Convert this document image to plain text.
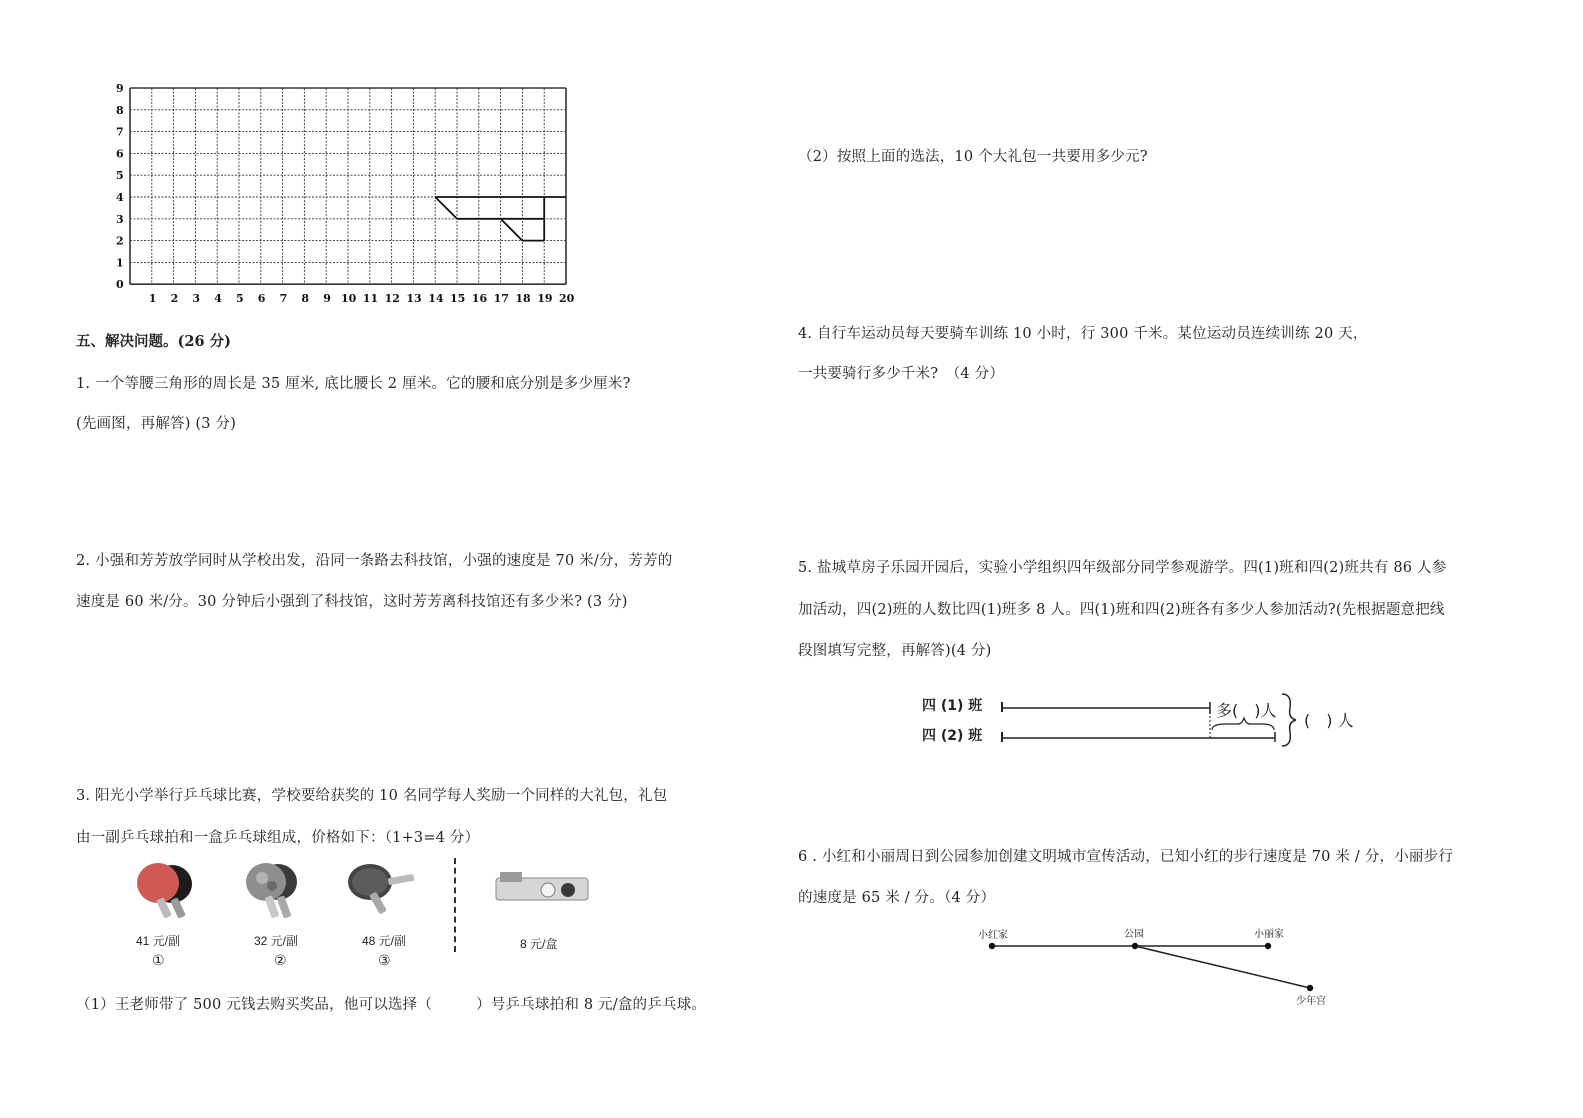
9
8
7
6
5
4
3
2
1
0
1 2 3 4 5 6 7 8 9 10 11 12 13 14 15 16 17 18 19 20
五、解决问题。(26 分)
1. 一个等腰三角形的周长是 35 厘米, 底比腰长 2 厘米。它的腰和底分别是多少厘米?
(先画图，再解答) (3 分)
2. 小强和芳芳放学同时从学校出发，沿同一条路去科技馆，小强的速度是 70 米/分，芳芳的
速度是 60 米/分。30 分钟后小强到了科技馆，这时芳芳离科技馆还有多少米? (3 分)
3. 阳光小学举行乒乓球比赛，学校要给获奖的 10 名同学每人奖励一个同样的大礼包，礼包
由一副乒乓球拍和一盒乒乓球组成，价格如下：（1+3=4 分）
41 元/副	32 元/副	48 元/副
①	②	③
8 元/盒
（1）王老师带了 500 元钱去购买奖品，他可以选择（　　　）号乒乓球拍和 8 元/盒的乒乓球。
（2）按照上面的选法，10 个大礼包一共要用多少元?
4. 自行车运动员每天要骑车训练 10 小时，行 300 千米。某位运动员连续训练 20 天，
一共要骑行多少千米?　（4 分）
5. 盐城草房子乐园开园后，实验小学组织四年级部分同学参观游学。四(1)班和四(2)班共有 86 人参
加活动，四(2)班的人数比四(1)班多 8 人。四(1)班和四(2)班各有多少人参加活动?(先根据题意把线
段图填写完整，再解答)(4 分)
四 (1) 班
四 (2) 班
多(　)人
(　) 人
6 . 小红和小丽周日到公园参加创建文明城市宣传活动，已知小红的步行速度是 70 米 / 分，小丽步行
的速度是 65 米 / 分。（4 分）
小红家	公园	小丽家
少年宫
